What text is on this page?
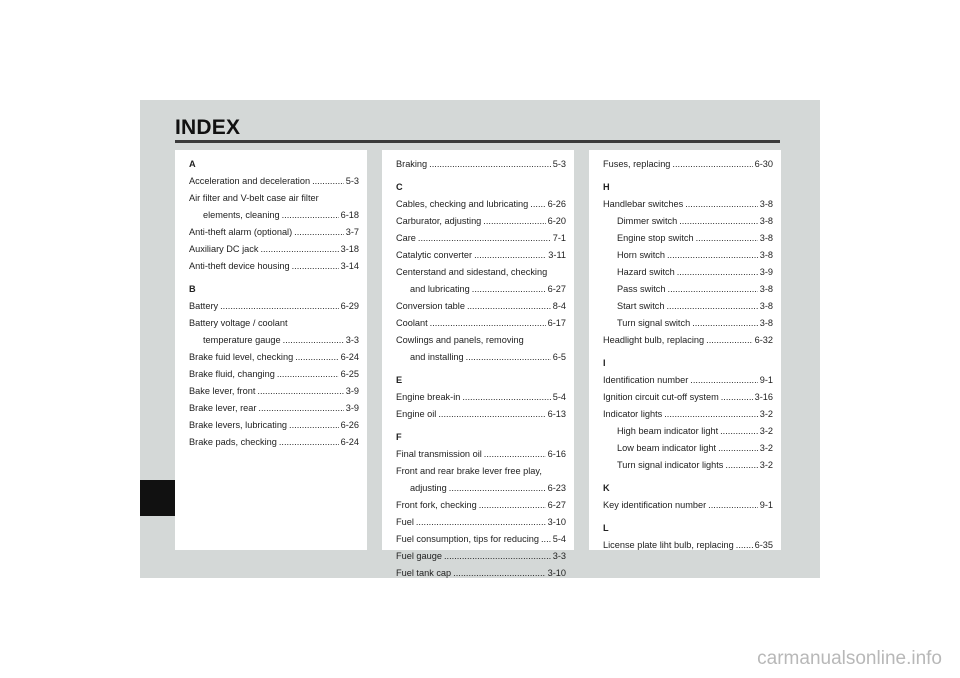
INDEX
A
Acceleration and deceleration .....	5-3
Air filter and V-belt case air filter
elements, cleaning .....	6-18
Anti-theft alarm (optional) .....	3-7
Auxiliary DC jack .....	3-18
Anti-theft device housing .....	3-14
B
Battery .....	6-29
Battery voltage / coolant
temperature gauge .....	3-3
Brake fuid level, checking .....	6-24
Brake fluid, changing .....	6-25
Bake lever, front .....	3-9
Brake lever, rear .....	3-9
Brake levers, lubricating .....	6-26
Brake pads, checking .....	6-24
Braking .....	5-3
C
Cables, checking and lubricating ..... 6-26
Carburator, adjusting .....	6-20
Care .....	7-1
Catalytic converter .....	3-11
Centerstand and sidestand, checking
and lubricating .....	6-27
Conversion table .....	8-4
Coolant .....	6-17
Cowlings and panels, removing
and installing .....	6-5
E
Engine break-in .....	5-4
Engine oil .....	6-13
F
Final transmission oil .....	6-16
Front and rear brake lever free play,
adjusting .....	6-23
Front fork, checking .....	6-27
Fuel .....	3-10
Fuel consumption, tips for reducing ..... 5-4
Fuel gauge .....	3-3
Fuel tank cap .....	3-10
Fuses, replacing .....	6-30
H
Handlebar switches .....	3-8
Dimmer switch .....	3-8
Engine stop switch .....	3-8
Horn switch .....	3-8
Hazard switch .....	3-9
Pass switch .....	3-8
Start switch .....	3-8
Turn signal switch .....	3-8
Headlight bulb, replacing .....	6-32
I
Identification number .....	9-1
Ignition circuit cut-off system .....	3-16
Indicator lights .....	3-2
High beam indicator light .....	3-2
Low beam indicator light .....	3-2
Turn signal indicator lights .....	3-2
K
Key identification number .....	9-1
L
License plate liht bulb, replacing ..... 6-35
carmanualsonline.info
